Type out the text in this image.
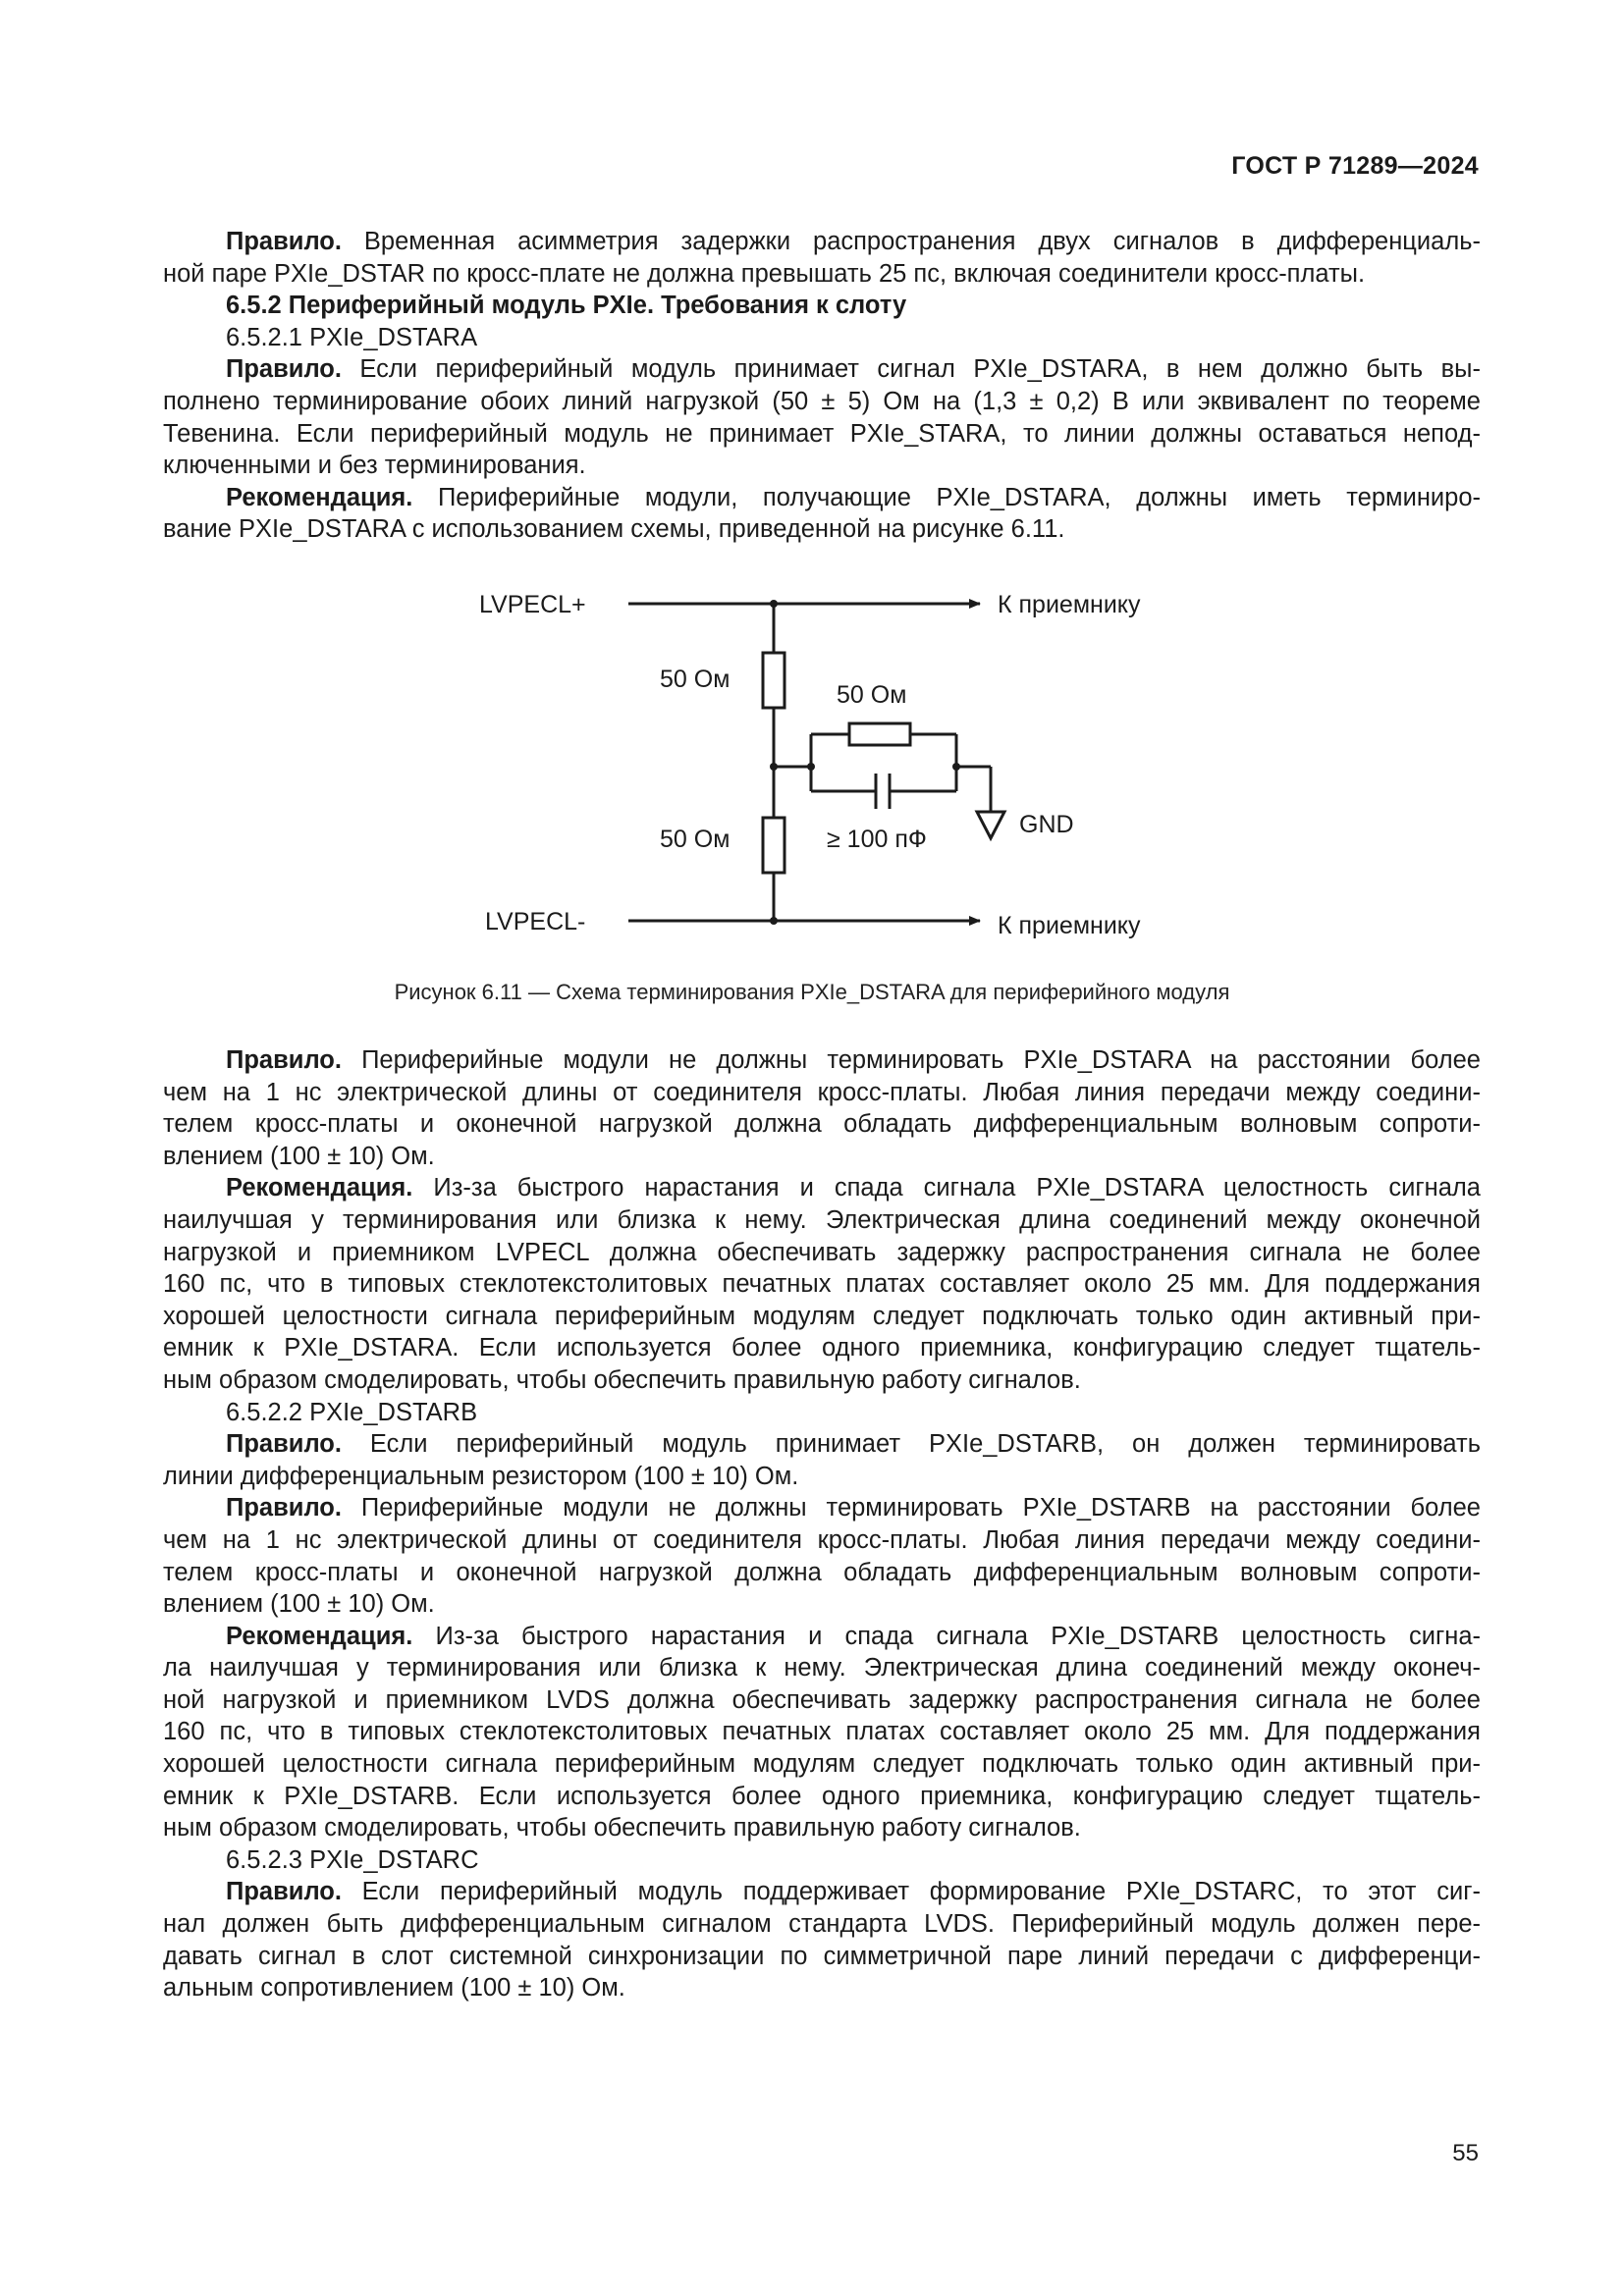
ГОСТ Р 71289—2024
Правило. Временная асимметрия задержки распространения двух сигналов в дифференциаль-
ной паре PXIe_DSTAR по кросс-плате не должна превышать 25 пс, включая соединители кросс-платы.
6.5.2 Периферийный модуль PXIe. Требования к слоту
6.5.2.1 PXIe_DSTARA
Правило. Если периферийный модуль принимает сигнал PXIe_DSTARA, в нем должно быть вы-
полнено терминирование обоих линий нагрузкой (50 ± 5) Ом на (1,3 ± 0,2) В или эквивалент по теореме
Тевенина. Если периферийный модуль не принимает PXIe_STARA, то линии должны оставаться непод-
ключенными и без терминирования.
Рекомендация. Периферийные модули, получающие PXIe_DSTARA, должны иметь терминиро-
вание PXIe_DSTARA с использованием схемы, приведенной на рисунке 6.11.
LVPECL+
LVPECL-
К приемнику
К приемнику
50 Ом
50 Ом
50 Ом	≥ 100 пФ
GND
Рисунок 6.11 — Схема терминирования PXIe_DSTARA для периферийного модуля
Правило. Периферийные модули не должны терминировать PXIe_DSTARA на расстоянии более
чем на 1 нс электрической длины от соединителя кросс-платы. Любая линия передачи между соедини-
телем кросс-платы и оконечной нагрузкой должна обладать дифференциальным волновым сопроти-
влением (100 ± 10) Ом.
Рекомендация. Из-за быстрого нарастания и спада сигнала PXIe_DSTARA целостность сигнала
наилучшая у терминирования или близка к нему. Электрическая длина соединений между оконечной
нагрузкой и приемником LVPECL должна обеспечивать задержку распространения сигнала не более
160 пс, что в типовых стеклотекстолитовых печатных платах составляет около 25 мм. Для поддержания
хорошей целостности сигнала периферийным модулям следует подключать только один активный при-
емник к PXIe_DSTARA. Если используется более одного приемника, конфигурацию следует тщатель-
ным образом смоделировать, чтобы обеспечить правильную работу сигналов.
6.5.2.2 PXIe_DSTARB
Правило. Если периферийный модуль принимает PXIe_DSTARB, он должен терминировать
линии дифференциальным резистором (100 ± 10) Ом.
Правило. Периферийные модули не должны терминировать PXIe_DSTARB на расстоянии более
чем на 1 нс электрической длины от соединителя кросс-платы. Любая линия передачи между соедини-
телем кросс-платы и оконечной нагрузкой должна обладать дифференциальным волновым сопроти-
влением (100 ± 10) Ом.
Рекомендация. Из-за быстрого нарастания и спада сигнала PXIe_DSTARB целостность сигна-
ла наилучшая у терминирования или близка к нему. Электрическая длина соединений между оконеч-
ной нагрузкой и приемником LVDS должна обеспечивать задержку распространения сигнала не более
160 пс, что в типовых стеклотекстолитовых печатных платах составляет около 25 мм. Для поддержания
хорошей целостности сигнала периферийным модулям следует подключать только один активный при-
емник к PXIe_DSTARB. Если используется более одного приемника, конфигурацию следует тщатель-
ным образом смоделировать, чтобы обеспечить правильную работу сигналов.
6.5.2.3 PXIe_DSTARC
Правило. Если периферийный модуль поддерживает формирование PXIe_DSTARC, то этот сиг-
нал должен быть дифференциальным сигналом стандарта LVDS. Периферийный модуль должен пере-
давать сигнал в слот системной синхронизации по симметричной паре линий передачи с дифференци-
альным сопротивлением (100 ± 10) Ом.
55
